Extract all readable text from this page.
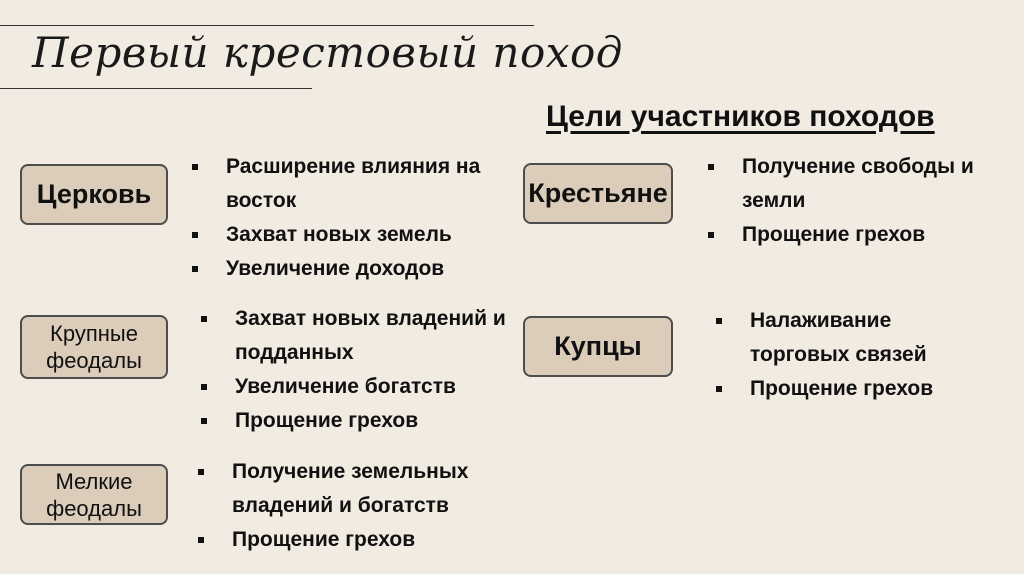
Первый крестовый поход
Цели участников походов
Церковь
Расширение влияния на восток
Захват новых земель
Увеличение доходов
Крупные феодалы
Захват новых владений и подданных
Увеличение богатств
Прощение грехов
Мелкие феодалы
Получение земельных владений и богатств
Прощение грехов
Крестьяне
Получение свободы и земли
Прощение грехов
Купцы
Налаживание торговых связей
Прощение грехов
